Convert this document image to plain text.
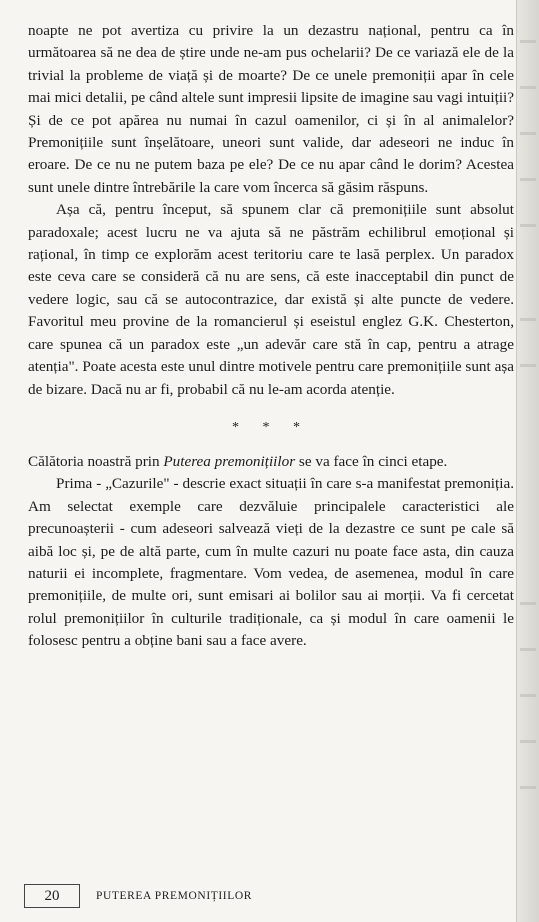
noapte ne pot avertiza cu privire la un dezastru național, pentru ca în următoarea să ne dea de știre unde ne-am pus ochelarii? De ce variază ele de la trivial la probleme de viață și de moarte? De ce unele premoniții apar în cele mai mici detalii, pe când altele sunt impresii lipsite de imagine sau vagi intuiții? Și de ce pot apărea nu numai în cazul oamenilor, ci și în al animalelor? Premonițiile sunt înșelătoare, uneori sunt valide, dar adeseori ne induc în eroare. De ce nu ne putem baza pe ele? De ce nu apar când le dorim? Acestea sunt unele dintre întrebările la care vom încerca să găsim răspuns.

Așa că, pentru început, să spunem clar că premonițiile sunt absolut paradoxale; acest lucru ne va ajuta să ne păstrăm echilibrul emoțional și rațional, în timp ce explorăm acest teritoriu care te lasă perplex. Un paradox este ceva care se consideră că nu are sens, că este inacceptabil din punct de vedere logic, sau că se autocontrazice, dar există și alte puncte de vedere. Favoritul meu provine de la romancierul și eseistul englez G.K. Chesterton, care spunea că un paradox este „un adevăr care stă în cap, pentru a atrage atenția". Poate acesta este unul dintre motivele pentru care premonițiile sunt așa de bizare. Dacă nu ar fi, probabil că nu le-am acorda atenție.

* * *

Călătoria noastră prin Puterea premonițiilor se va face în cinci etape.

Prima - „Cazurile" - descrie exact situații în care s-a manifestat premoniția. Am selectat exemple care dezvăluie principalele caracteristici ale precunoașterii - cum adeseori salvează vieți de la dezastre ce sunt pe cale să aibă loc și, pe de altă parte, cum în multe cazuri nu poate face asta, din cauza naturii ei incomplete, fragmentare. Vom vedea, de asemenea, modul în care premonițiile, de multe ori, sunt emisari ai bolilor sau ai morții. Va fi cercetat rolul premonițiilor în culturile tradiționale, ca și modul în care oamenii le folosesc pentru a obține bani sau a face avere.

20	PUTEREA PREMONIȚIILOR
